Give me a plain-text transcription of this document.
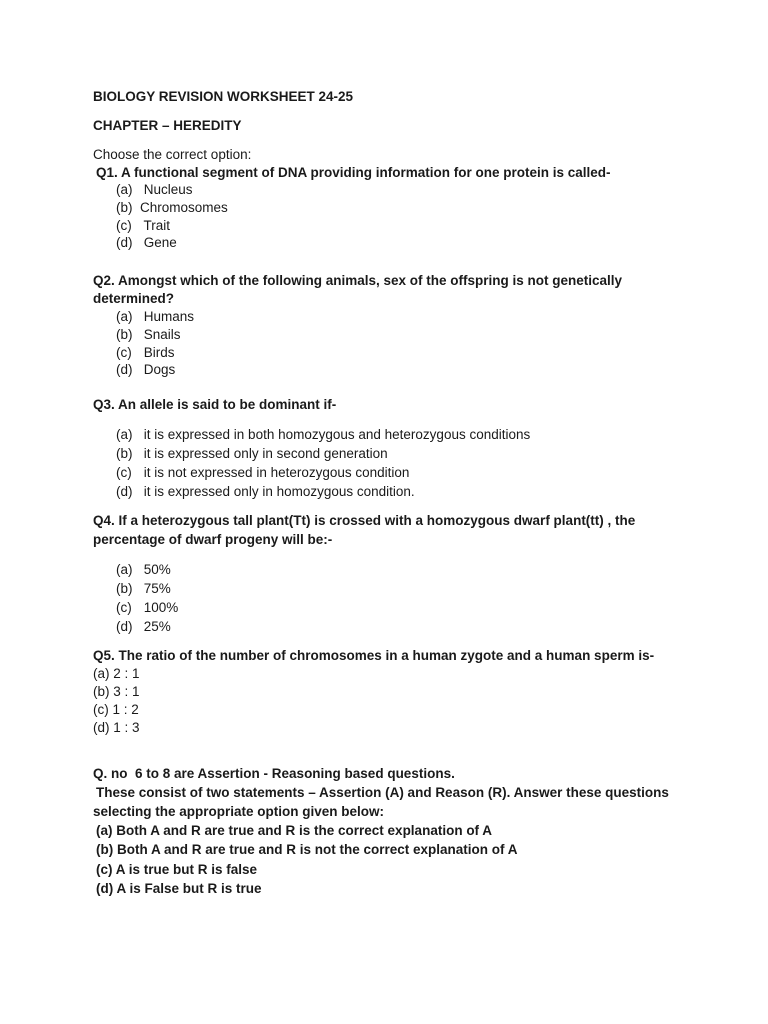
BIOLOGY REVISION WORKSHEET 24-25
CHAPTER – HEREDITY
Choose the correct option:
Q1. A functional segment of DNA providing information for one protein is called-
(a) Nucleus
(b) Chromosomes
(c) Trait
(d) Gene
Q2. Amongst which of the following animals, sex of the offspring is not genetically
determined?
(a) Humans
(b) Snails
(c) Birds
(d) Dogs
Q3. An allele is said to be dominant if-
(a) it is expressed in both homozygous and heterozygous conditions
(b) it is expressed only in second generation
(c) it is not expressed in heterozygous condition
(d) it is expressed only in homozygous condition.
Q4. If a heterozygous tall plant(Tt) is crossed with a homozygous dwarf plant(tt) , the
percentage of dwarf progeny will be:-
(a) 50%
(b) 75%
(c) 100%
(d) 25%
Q5. The ratio of the number of chromosomes in a human zygote and a human sperm is-
(a) 2 : 1
(b) 3 : 1
(c) 1 : 2
(d) 1 : 3
Q. no  6 to 8 are Assertion - Reasoning based questions.
These consist of two statements – Assertion (A) and Reason (R). Answer these questions
selecting the appropriate option given below:
(a) Both A and R are true and R is the correct explanation of A
(b) Both A and R are true and R is not the correct explanation of A
(c) A is true but R is false
(d) A is False but R is true
